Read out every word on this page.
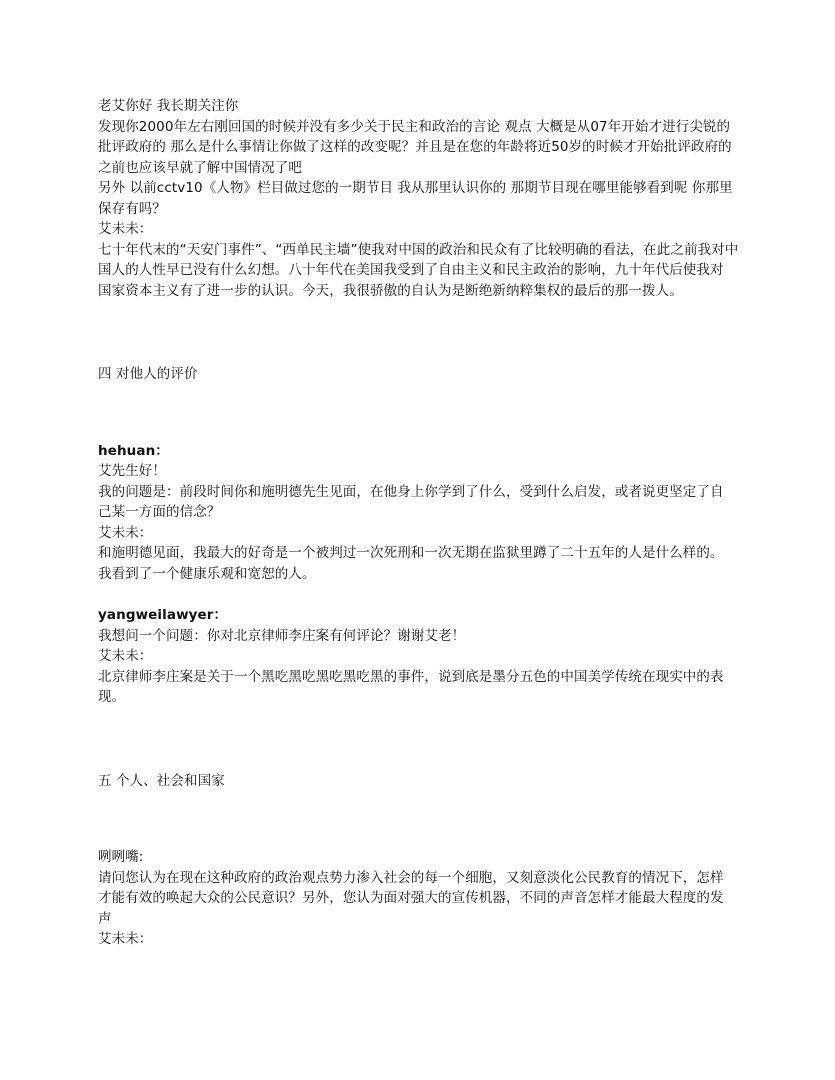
老艾你好 我长期关注你
发现你2000年左右刚回国的时候并没有多少关于民主和政治的言论 观点 大概是从07年开始才进行尖锐的
批评政府的 那么是什么事情让你做了这样的改变呢？并且是在您的年龄将近50岁的时候才开始批评政府的
之前也应该早就了解中国情况了吧
另外 以前cctv10《人物》栏目做过您的一期节目 我从那里认识你的 那期节目现在哪里能够看到呢 你那里
保存有吗？
艾未未：
七十年代末的“天安门事件”、“西单民主墙”使我对中国的政治和民众有了比较明确的看法，在此之前我对中
国人的人性早已没有什么幻想。八十年代在美国我受到了自由主义和民主政治的影响，九十年代后使我对
国家资本主义有了进一步的认识。今天，我很骄傲的自认为是断绝新纳粹集权的最后的那一拨人。
四 对他人的评价
hehuan：
艾先生好！
我的问题是：前段时间你和施明德先生见面，在他身上你学到了什么，受到什么启发，或者说更坚定了自
己某一方面的信念？
艾未未：
和施明德见面，我最大的好奇是一个被判过一次死刑和一次无期在监狱里蹲了二十五年的人是什么样的。
我看到了一个健康乐观和宽恕的人。
yangweilawyer：
我想问一个问题：你对北京律师李庄案有何评论？谢谢艾老！
艾未未：
北京律师李庄案是关于一个黑吃黑吃黑吃黑吃黑的事件，说到底是墨分五色的中国美学传统在现实中的表
现。
五 个人、社会和国家
咧咧嘴:
请问您认为在现在这种政府的政治观点势力渗入社会的每一个细胞，又刻意淡化公民教育的情况下，怎样
才能有效的唤起大众的公民意识？另外，您认为面对强大的宣传机器，不同的声音怎样才能最大程度的发
声
艾未未：
